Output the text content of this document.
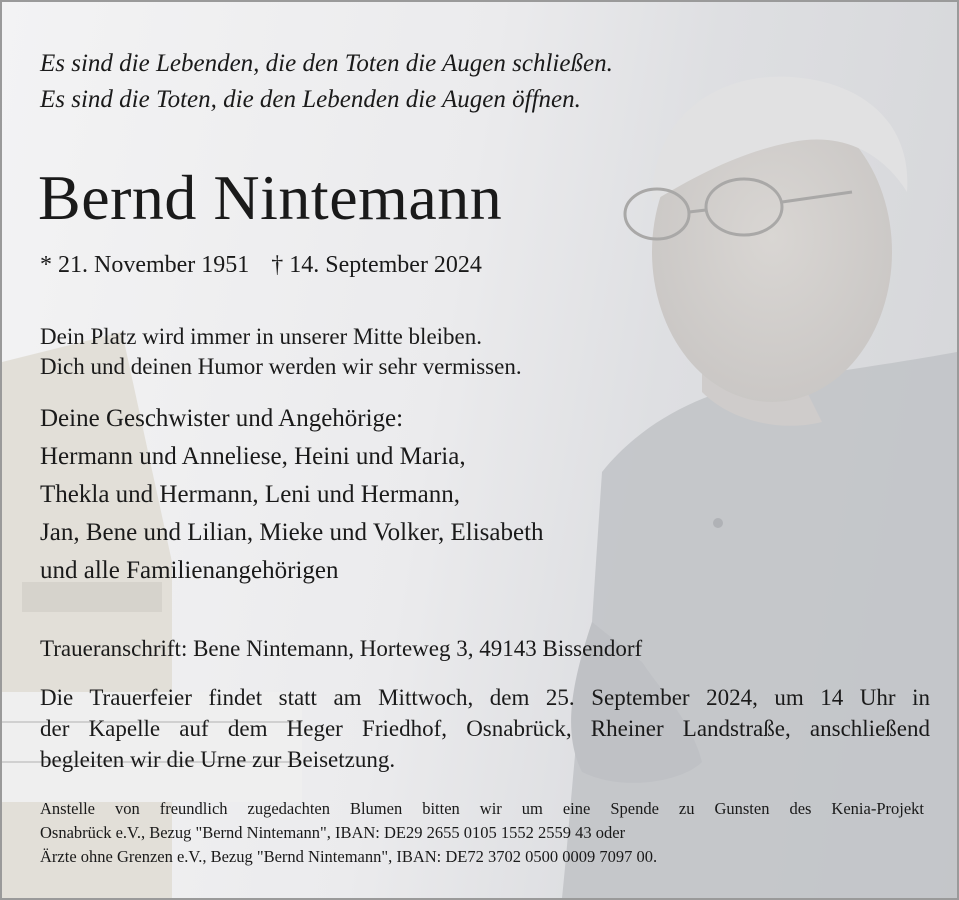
Es sind die Lebenden, die den Toten die Augen schließen.
Es sind die Toten, die den Lebenden die Augen öffnen.
Bernd Nintemann
* 21. November 1951 † 14. September 2024
Dein Platz wird immer in unserer Mitte bleiben.
Dich und deinen Humor werden wir sehr vermissen.
Deine Geschwister und Angehörige:
Hermann und Anneliese, Heini und Maria,
Thekla und Hermann, Leni und Hermann,
Jan, Bene und Lilian, Mieke und Volker, Elisabeth
und alle Familienangehörigen
Traueranschrift: Bene Nintemann, Horteweg 3, 49143 Bissendorf
Die Trauerfeier findet statt am Mittwoch, dem 25. September 2024, um 14 Uhr in
der Kapelle auf dem Heger Friedhof, Osnabrück, Rheiner Landstraße, anschließend
begleiten wir die Urne zur Beisetzung.
Anstelle von freundlich zugedachten Blumen bitten wir um eine Spende zu Gunsten des Kenia-Projekt
Osnabrück e.V., Bezug "Bernd Nintemann", IBAN: DE29 2655 0105 1552 2559 43 oder
Ärzte ohne Grenzen e.V., Bezug "Bernd Nintemann", IBAN: DE72 3702 0500 0009 7097 00.
